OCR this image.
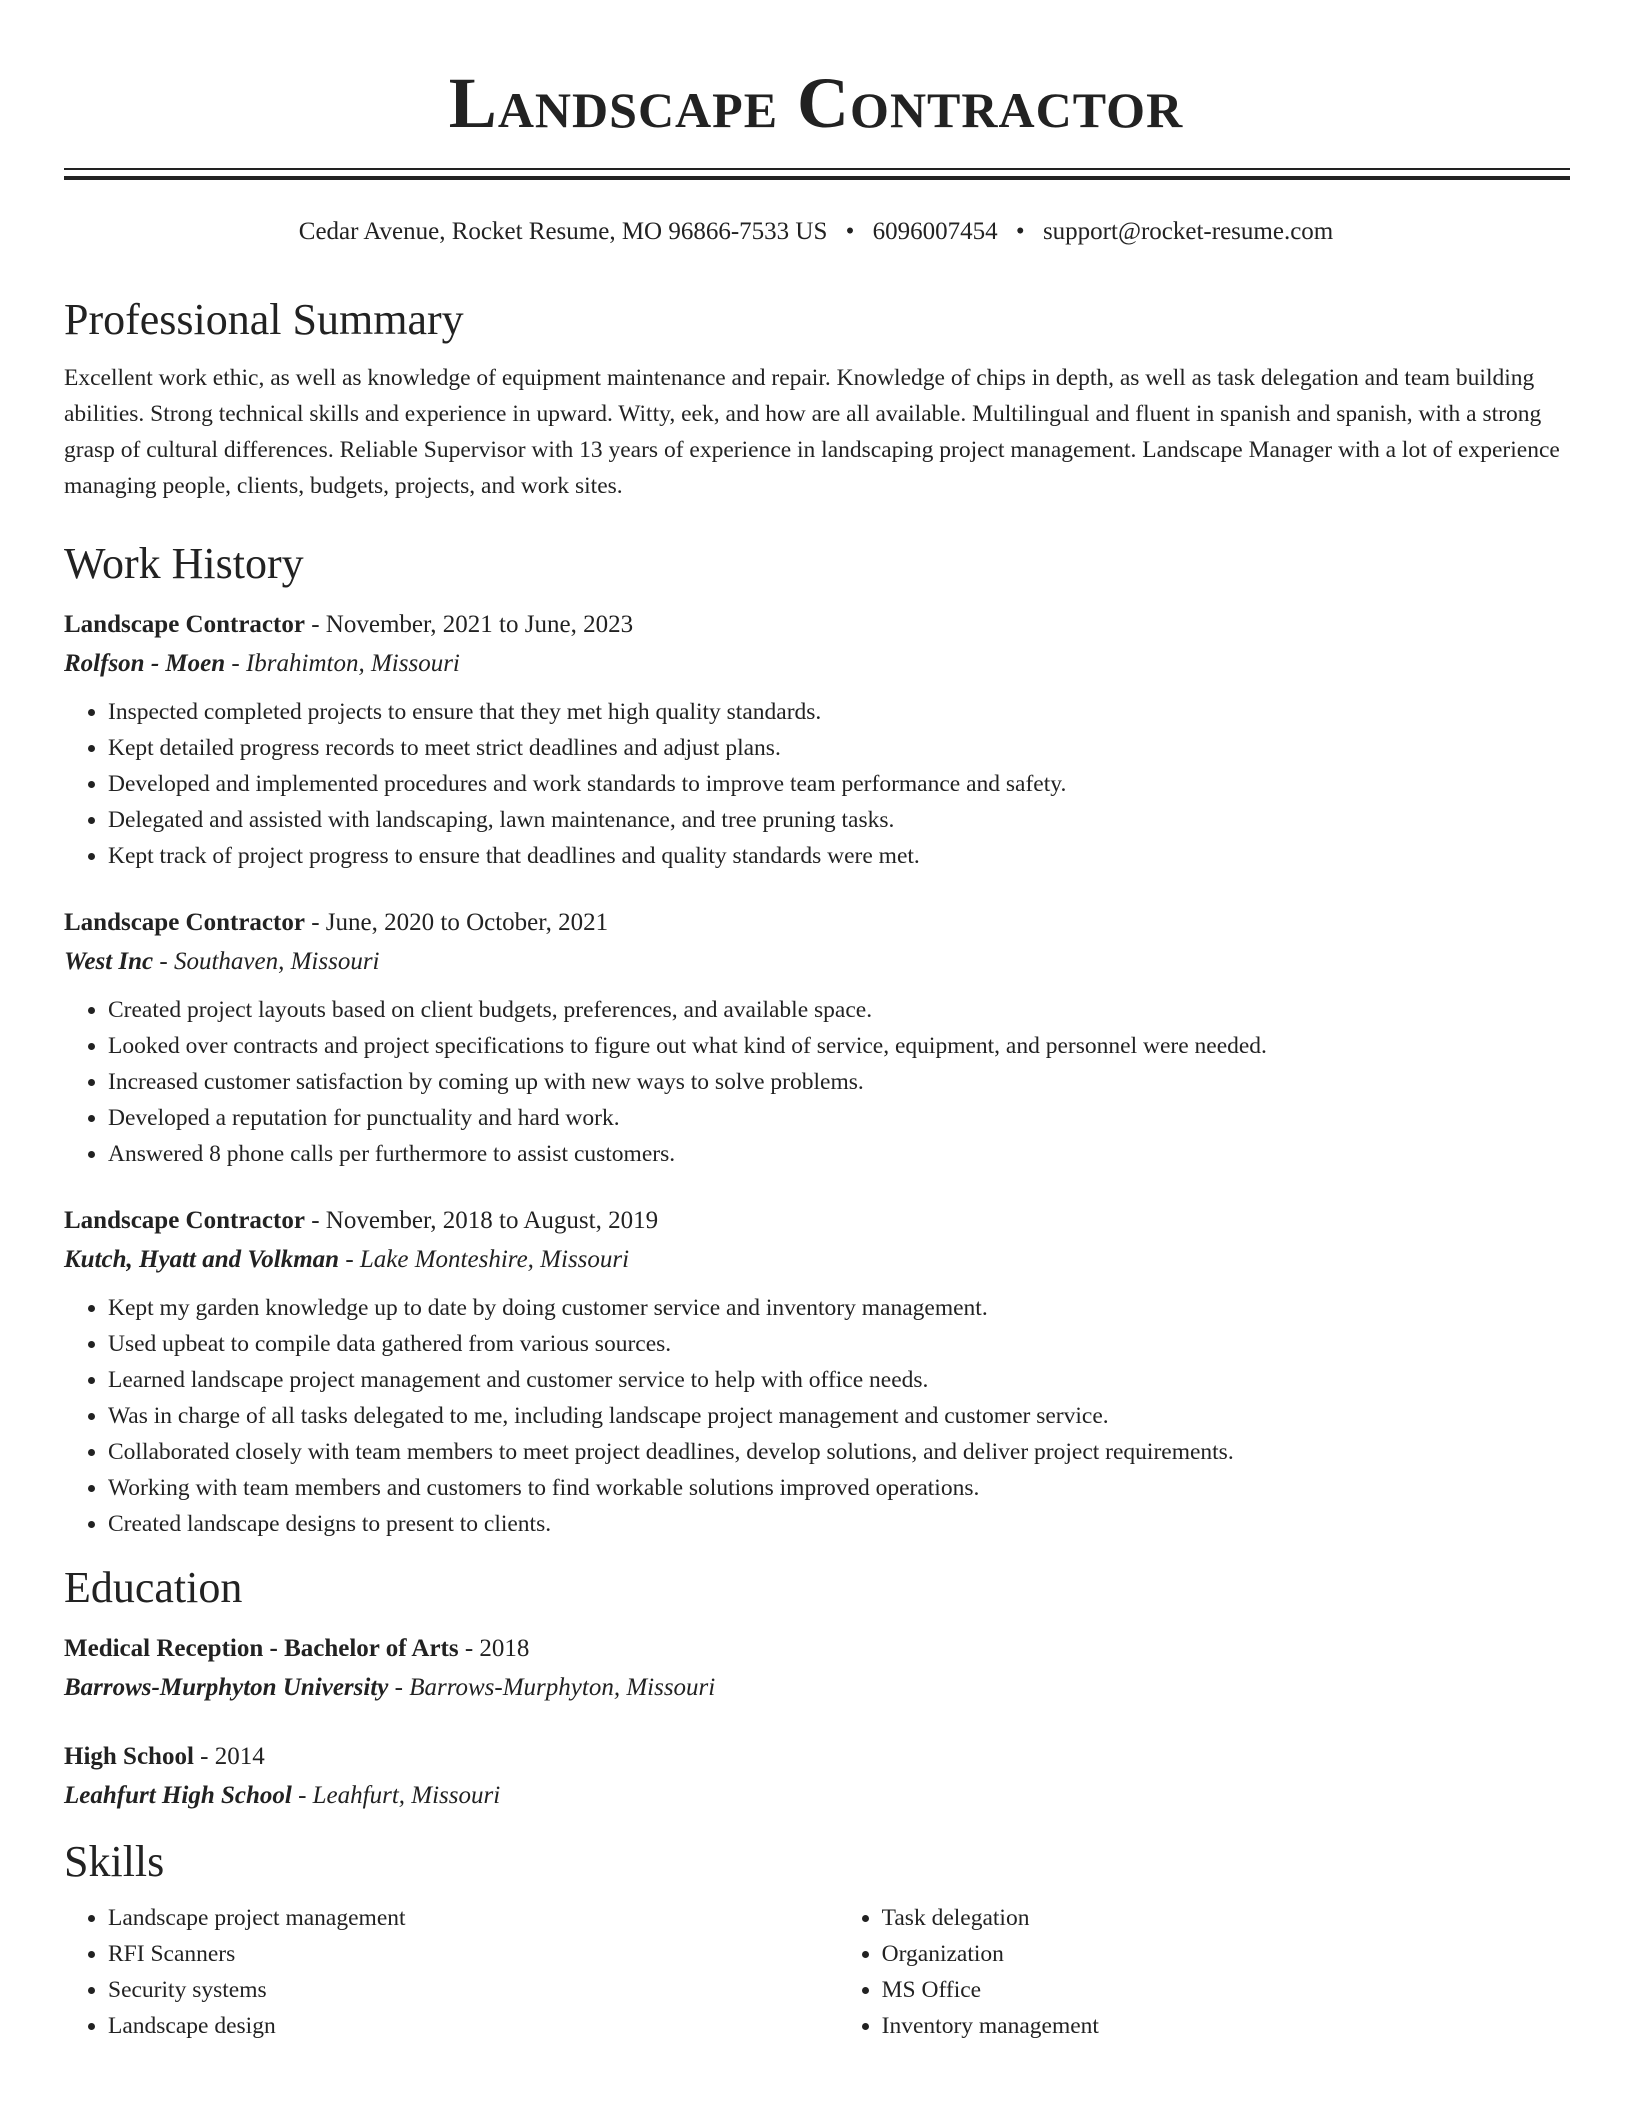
Landscape Contractor
Cedar Avenue, Rocket Resume, MO 96866-7533 US • 6096007454 • support@rocket-resume.com
Professional Summary
Excellent work ethic, as well as knowledge of equipment maintenance and repair. Knowledge of chips in depth, as well as task delegation and team building abilities. Strong technical skills and experience in upward. Witty, eek, and how are all available. Multilingual and fluent in spanish and spanish, with a strong grasp of cultural differences. Reliable Supervisor with 13 years of experience in landscaping project management. Landscape Manager with a lot of experience managing people, clients, budgets, projects, and work sites.
Work History
Landscape Contractor - November, 2021 to June, 2023
Rolfson - Moen - Ibrahimton, Missouri
• Inspected completed projects to ensure that they met high quality standards.
• Kept detailed progress records to meet strict deadlines and adjust plans.
• Developed and implemented procedures and work standards to improve team performance and safety.
• Delegated and assisted with landscaping, lawn maintenance, and tree pruning tasks.
• Kept track of project progress to ensure that deadlines and quality standards were met.
Landscape Contractor - June, 2020 to October, 2021
West Inc - Southaven, Missouri
• Created project layouts based on client budgets, preferences, and available space.
• Looked over contracts and project specifications to figure out what kind of service, equipment, and personnel were needed.
• Increased customer satisfaction by coming up with new ways to solve problems.
• Developed a reputation for punctuality and hard work.
• Answered 8 phone calls per furthermore to assist customers.
Landscape Contractor - November, 2018 to August, 2019
Kutch, Hyatt and Volkman - Lake Monteshire, Missouri
• Kept my garden knowledge up to date by doing customer service and inventory management.
• Used upbeat to compile data gathered from various sources.
• Learned landscape project management and customer service to help with office needs.
• Was in charge of all tasks delegated to me, including landscape project management and customer service.
• Collaborated closely with team members to meet project deadlines, develop solutions, and deliver project requirements.
• Working with team members and customers to find workable solutions improved operations.
• Created landscape designs to present to clients.
Education
Medical Reception - Bachelor of Arts - 2018
Barrows-Murphyton University - Barrows-Murphyton, Missouri
High School - 2014
Leahfurt High School - Leahfurt, Missouri
Skills
• Landscape project management
• RFI Scanners
• Security systems
• Landscape design
• Task delegation
• Organization
• MS Office
• Inventory management
